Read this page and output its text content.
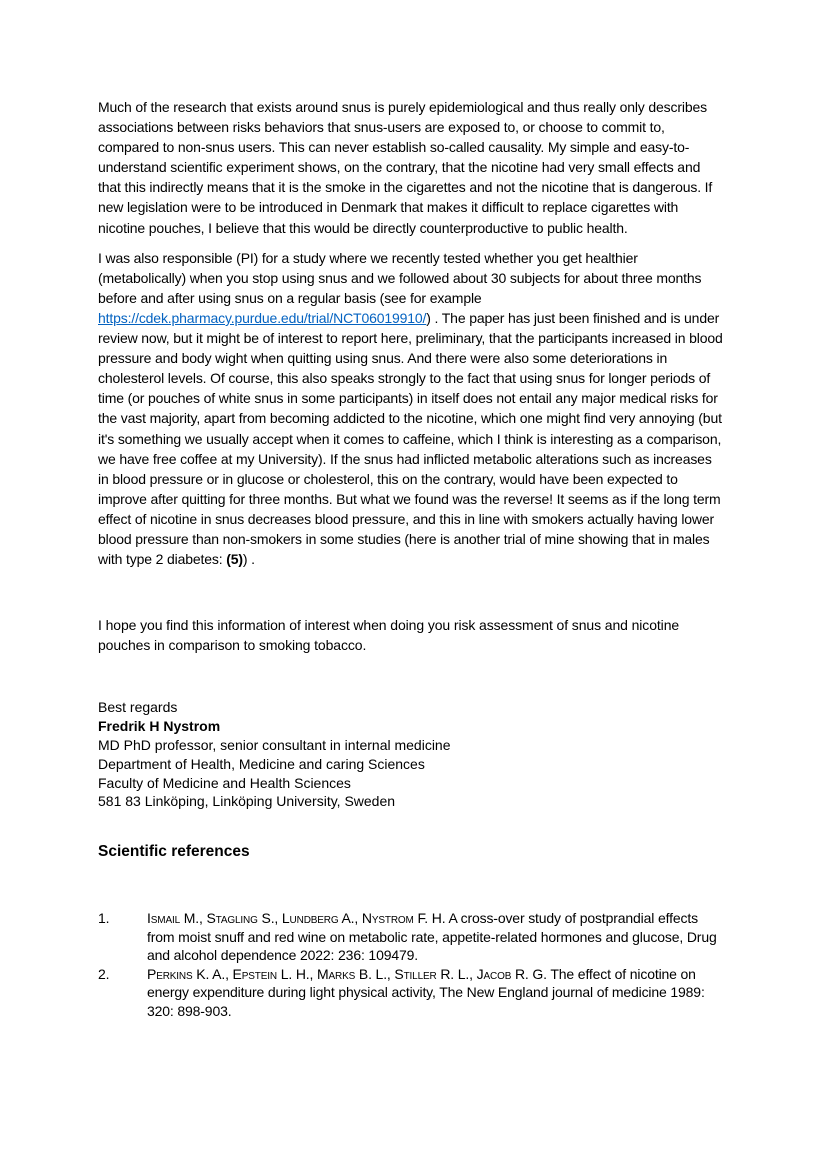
Much of the research that exists around snus is purely epidemiological and thus really only describes associations between risks behaviors that snus-users are exposed to, or choose to commit to, compared to non-snus users. This can never establish so-called causality. My simple and easy-to-understand scientific experiment shows, on the contrary, that the nicotine had very small effects and that this indirectly means that it is the smoke in the cigarettes and not the nicotine that is dangerous. If new legislation were to be introduced in Denmark that makes it difficult to replace cigarettes with nicotine pouches, I believe that this would be directly counterproductive to public health.

I was also responsible (PI) for a study where we recently tested whether you get healthier (metabolically) when you stop using snus and we followed about 30 subjects for about three months before and after using snus on a regular basis (see for example https://cdek.pharmacy.purdue.edu/trial/NCT06019910/) . The paper has just been finished and is under review now, but it might be of interest to report here, preliminary, that the participants increased in blood pressure and body wight when quitting using snus. And there were also some deteriorations in cholesterol levels. Of course, this also speaks strongly to the fact that using snus for longer periods of time (or pouches of white snus in some participants) in itself does not entail any major medical risks for the vast majority, apart from becoming addicted to the nicotine, which one might find very annoying (but it's something we usually accept when it comes to caffeine, which I think is interesting as a comparison, we have free coffee at my University). If the snus had inflicted metabolic alterations such as increases in blood pressure or in glucose or cholesterol, this on the contrary, would have been expected to improve after quitting for three months. But what we found was the reverse! It seems as if the long term effect of nicotine in snus decreases blood pressure, and this in line with smokers actually having lower blood pressure than non-smokers in some studies (here is another trial of mine showing that in males with type 2 diabetes: (5)) .

I hope you find this information of interest when doing you risk assessment of snus and nicotine pouches in comparison to smoking tobacco.

Best regards
Fredrik H Nystrom
MD PhD professor, senior consultant in internal medicine
Department of Health, Medicine and caring Sciences
Faculty of Medicine and Health Sciences
581 83 Linköping, Linköping University, Sweden
Scientific references
1.	Ismail M., Stagling S., Lundberg A., Nystrom F. H. A cross-over study of postprandial effects from moist snuff and red wine on metabolic rate, appetite-related hormones and glucose, Drug and alcohol dependence 2022: 236: 109479.
2.	Perkins K. A., Epstein L. H., Marks B. L., Stiller R. L., Jacob R. G. The effect of nicotine on energy expenditure during light physical activity, The New England journal of medicine 1989: 320: 898-903.
